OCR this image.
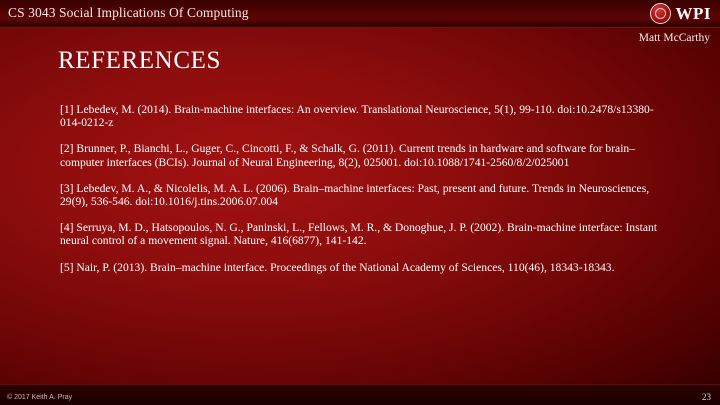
CS 3043 Social Implications Of Computing	WPI
Matt McCarthy
REFERENCES
[1] Lebedev, M. (2014). Brain-machine interfaces: An overview. Translational Neuroscience, 5(1), 99-110. doi:10.2478/s13380-014-0212-z
[2] Brunner, P., Bianchi, L., Guger, C., Cincotti, F., & Schalk, G. (2011). Current trends in hardware and software for brain–computer interfaces (BCIs). Journal of Neural Engineering, 8(2), 025001. doi:10.1088/1741-2560/8/2/025001
[3] Lebedev, M. A., & Nicolelis, M. A. L. (2006). Brain–machine interfaces: Past, present and future. Trends in Neurosciences, 29(9), 536-546. doi:10.1016/j.tins.2006.07.004
[4] Serruya, M. D., Hatsopoulos, N. G., Paninski, L., Fellows, M. R., & Donoghue, J. P. (2002). Brain-machine interface: Instant neural control of a movement signal. Nature, 416(6877), 141-142.
[5] Nair, P. (2013). Brain–machine interface. Proceedings of the National Academy of Sciences, 110(46), 18343-18343.
© 2017 Keith A. Pray	23
